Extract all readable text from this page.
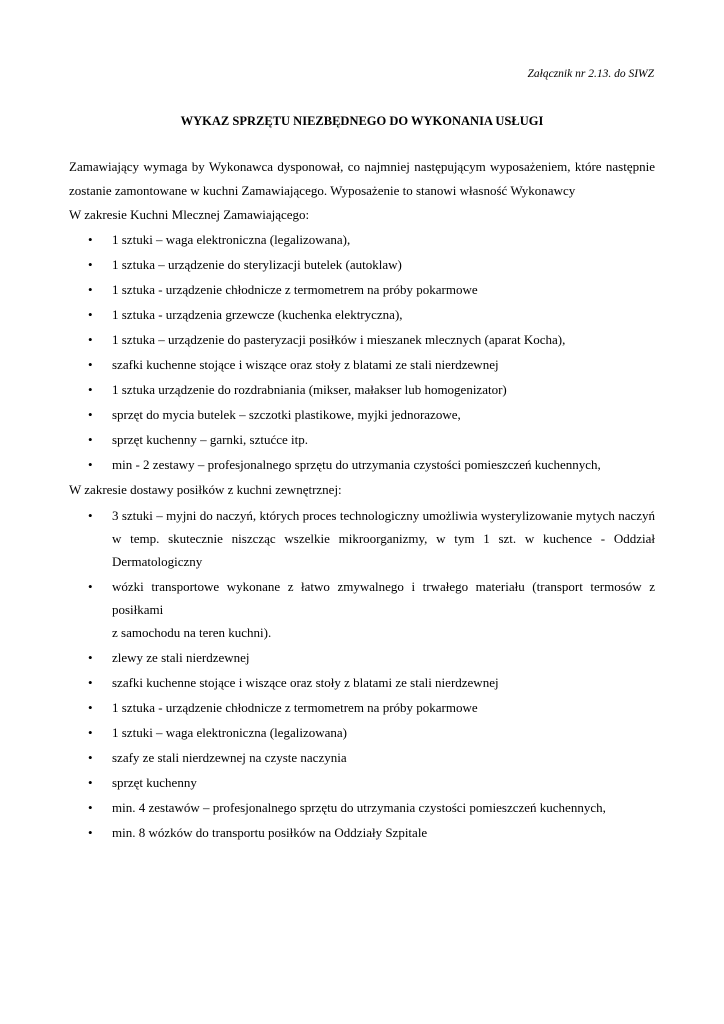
Załącznik nr 2.13. do SIWZ
WYKAZ SPRZĘTU NIEZBĘDNEGO DO WYKONANIA USŁUGI

Zamawiający wymaga by Wykonawca dysponował, co najmniej następującym wyposażeniem, które następnie zostanie zamontowane w kuchni Zamawiającego. Wyposażenie to stanowi własność Wykonawcy

W zakresie Kuchni Mlecznej Zamawiającego:

• 1 sztuki – waga elektroniczna (legalizowana),
• 1 sztuka – urządzenie do sterylizacji butelek (autoklaw)
• 1 sztuka - urządzenie chłodnicze z termometrem na próby pokarmowe
• 1 sztuka - urządzenia grzewcze (kuchenka elektryczna),
• 1 sztuka – urządzenie do pasteryzacji posiłków i mieszanek mlecznych (aparat Kocha),
• szafki kuchenne stojące i wiszące oraz stoły z blatami ze stali nierdzewnej
• 1 sztuka urządzenie do rozdrabniania (mikser, małakser lub homogenizator)
• sprzęt do mycia butelek – szczotki plastikowe, myjki jednorazowe,
• sprzęt kuchenny – garnki, sztućce itp.
• min - 2 zestawy – profesjonalnego sprzętu do utrzymania czystości pomieszczeń kuchennych,

W zakresie dostawy posiłków z kuchni zewnętrznej:

• 3 sztuki – myjni do naczyń, których proces technologiczny umożliwia wysterylizowanie mytych naczyń w temp. skutecznie niszcząc wszelkie mikroorganizmy, w tym 1 szt. w kuchence - Oddział Dermatologiczny
• wózki transportowe wykonane z łatwo zmywalnego i trwałego materiału (transport termosów z posiłkami
z samochodu na teren kuchni).
• zlewy ze stali nierdzewnej
• szafki kuchenne stojące i wiszące oraz stoły z blatami ze stali nierdzewnej
• 1 sztuka - urządzenie chłodnicze z termometrem na próby pokarmowe
• 1 sztuki – waga elektroniczna (legalizowana)
• szafy ze stali nierdzewnej na czyste naczynia
• sprzęt kuchenny
• min. 4 zestawów – profesjonalnego sprzętu do utrzymania czystości pomieszczeń kuchennych,
• min. 8 wózków do transportu posiłków na Oddziały Szpitale
